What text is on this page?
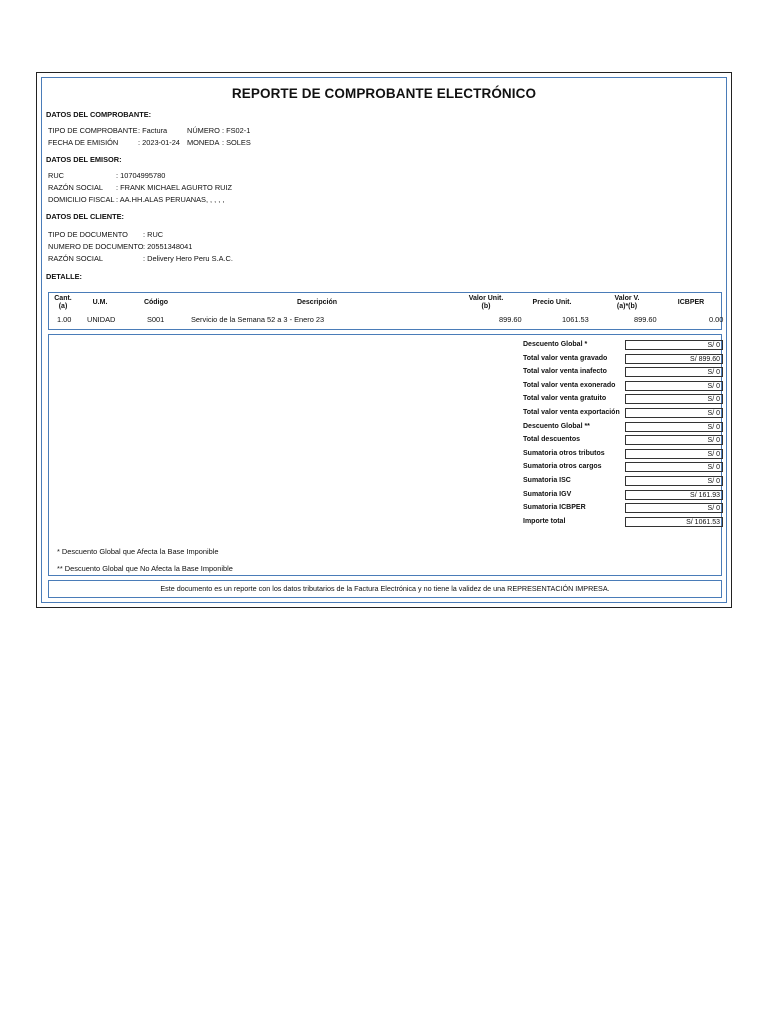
REPORTE DE COMPROBANTE ELECTRÓNICO
DATOS DEL COMPROBANTE:
TIPO DE COMPROBANTE : Factura	NÚMERO : FS02-1
FECHA DE EMISIÓN	: 2023-01-24 MONEDA : SOLES
DATOS DEL EMISOR:
RUC	: 10704995780
RAZÓN SOCIAL : FRANK MICHAEL AGURTO RUIZ
DOMICILIO FISCAL : AA.HH.ALAS PERUANAS, , , , ,
DATOS DEL CLIENTE:
TIPO DE DOCUMENTO : RUC
NUMERO DE DOCUMENTO : 20551348041
RAZÓN SOCIAL	: Delivery Hero Peru S.A.C.
DETALLE:
Cant.
(a)	U.M.	Código	Descripción
Valor Unit.
(b)	Precio Unit.
Valor V.
(a)*(b)	ICBPER
1.00 UNIDAD	S001	Servicio de la Semana 52 a 3 - Enero 23	899.60	1061.53	899.60	0.00
Descuento Global *	S/ 0
Total valor venta gravado	S/ 899.60
Total valor venta inafecto	S/ 0
Total valor venta exonerado	S/ 0
Total valor venta gratuito	S/ 0
Total valor venta exportación	S/ 0
Descuento Global **	S/ 0
Total descuentos	S/ 0
Sumatoria otros tributos	S/ 0
Sumatoria otros cargos	S/ 0
Sumatoria ISC	S/ 0
Sumatoria IGV	S/ 161.93
Sumatoria ICBPER	S/ 0
Importe total	S/ 1061.53
* Descuento Global que Afecta la Base Imponible
** Descuento Global que No Afecta la Base Imponible
Este documento es un reporte con los datos tributarios de la Factura Electrónica y no tiene la validez de una REPRESENTACIÓN IMPRESA.
